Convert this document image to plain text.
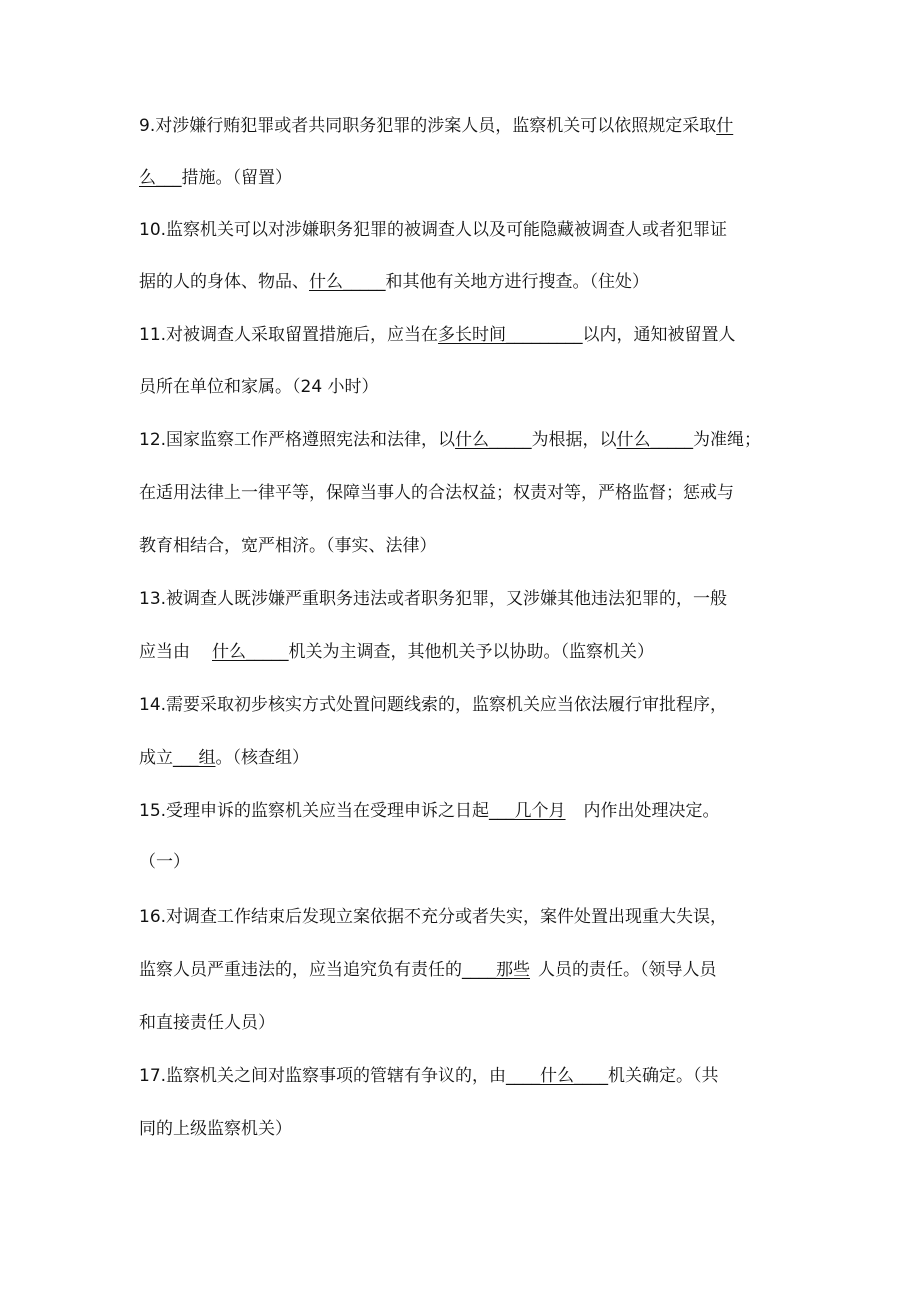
9.对涉嫌行贿犯罪或者共同职务犯罪的涉案人员，监察机关可以依照规定采取什
么___措施。（留置）
10.监察机关可以对涉嫌职务犯罪的被调查人以及可能隐藏被调查人或者犯罪证
据的人的身体、物品、什么_____和其他有关地方进行搜查。（住处）
11.对被调查人采取留置措施后，应当在多长时间_________以内，通知被留置人
员所在单位和家属。（24 小时）
12.国家监察工作严格遵照宪法和法律，以什么_____为根据，以什么_____为准绳；
在适用法律上一律平等，保障当事人的合法权益；权责对等，严格监督；惩戒与
教育相结合，宽严相济。（事实、法律）
13.被调查人既涉嫌严重职务违法或者职务犯罪，又涉嫌其他违法犯罪的，一般
应当由 什么_____机关为主调查，其他机关予以协助。（监察机关）
14.需要采取初步核实方式处置问题线索的，监察机关应当依法履行审批程序，
成立___组。（核查组）
15.受理申诉的监察机关应当在受理申诉之日起___几个月 内作出处理决定。
（一）
16.对调查工作结束后发现立案依据不充分或者失实，案件处置出现重大失误，
监察人员严重违法的，应当追究负有责任的____那些 人员的责任。（领导人员
和直接责任人员）
17.监察机关之间对监察事项的管辖有争议的，由____什么____机关确定。（共
同的上级监察机关）
